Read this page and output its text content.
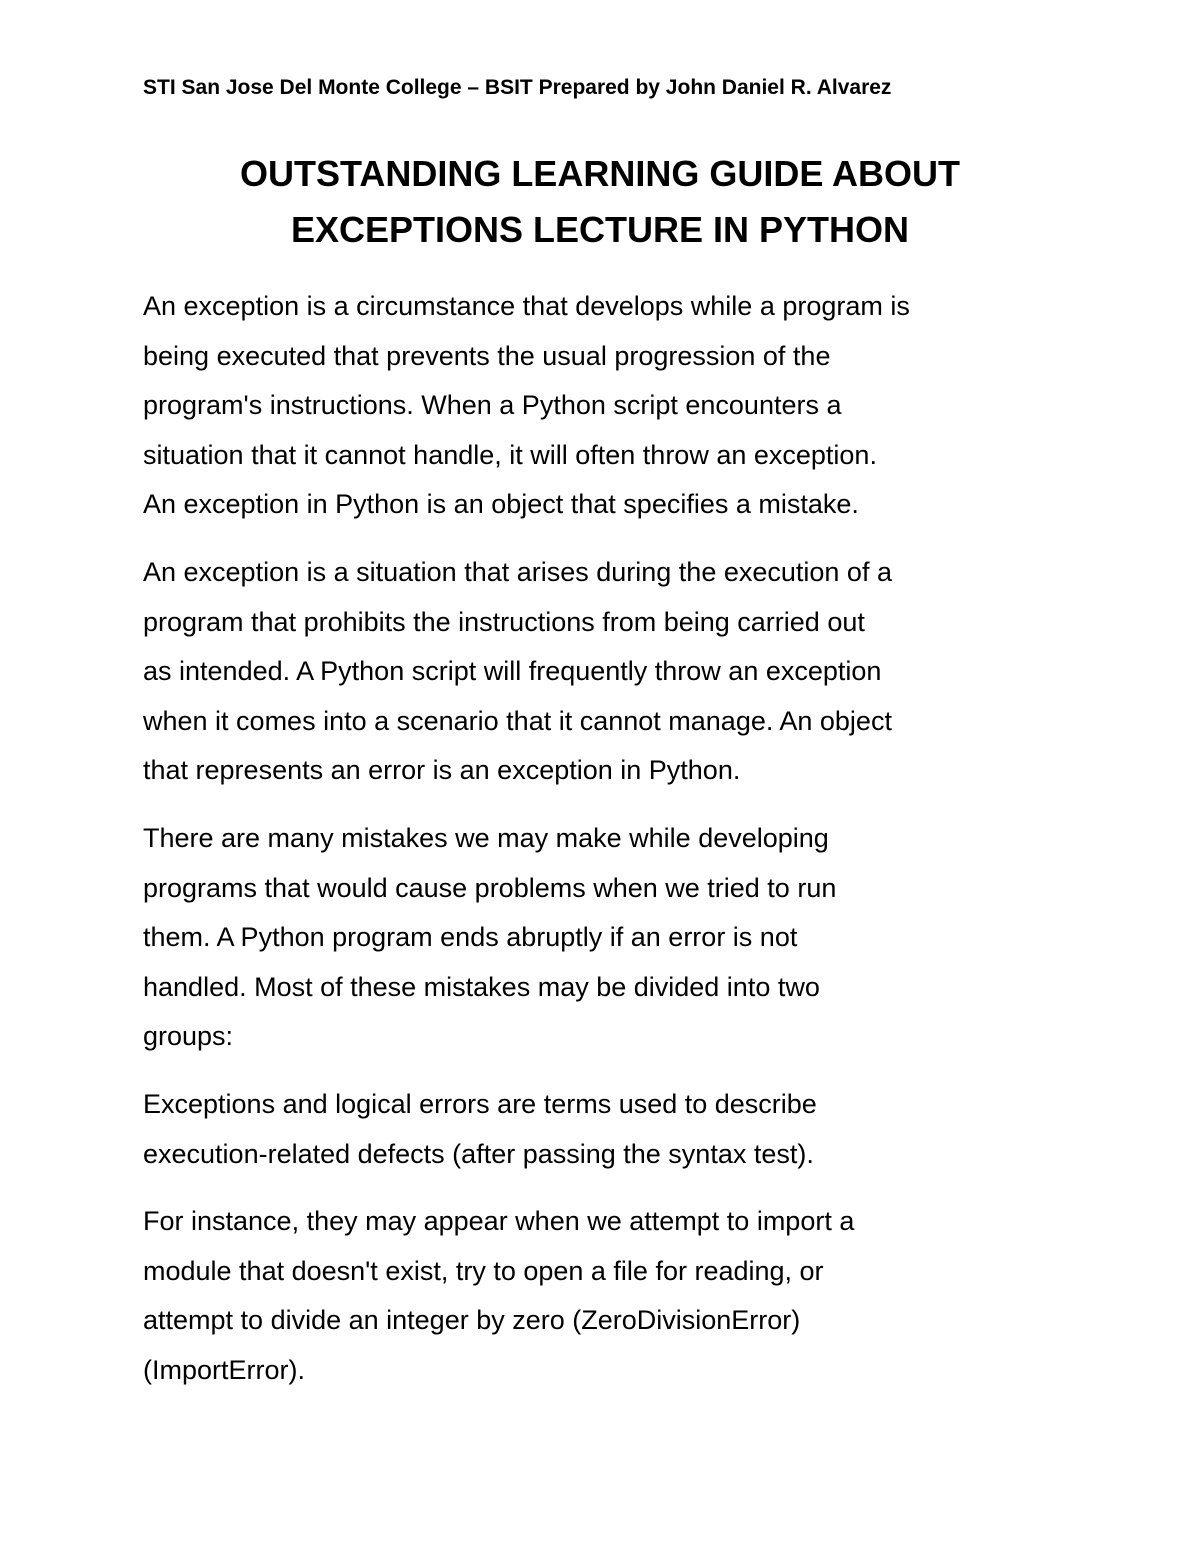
STI San Jose Del Monte College – BSIT Prepared by John Daniel R. Alvarez
OUTSTANDING LEARNING GUIDE ABOUT
EXCEPTIONS LECTURE IN PYTHON

An exception is a circumstance that develops while a program is
being executed that prevents the usual progression of the
program's instructions. When a Python script encounters a
situation that it cannot handle, it will often throw an exception.
An exception in Python is an object that specifies a mistake.

An exception is a situation that arises during the execution of a
program that prohibits the instructions from being carried out
as intended. A Python script will frequently throw an exception
when it comes into a scenario that it cannot manage. An object
that represents an error is an exception in Python.

There are many mistakes we may make while developing
programs that would cause problems when we tried to run
them. A Python program ends abruptly if an error is not
handled. Most of these mistakes may be divided into two
groups:

Exceptions and logical errors are terms used to describe
execution-related defects (after passing the syntax test).

For instance, they may appear when we attempt to import a
module that doesn't exist, try to open a file for reading, or
attempt to divide an integer by zero (ZeroDivisionError)
(ImportError).
